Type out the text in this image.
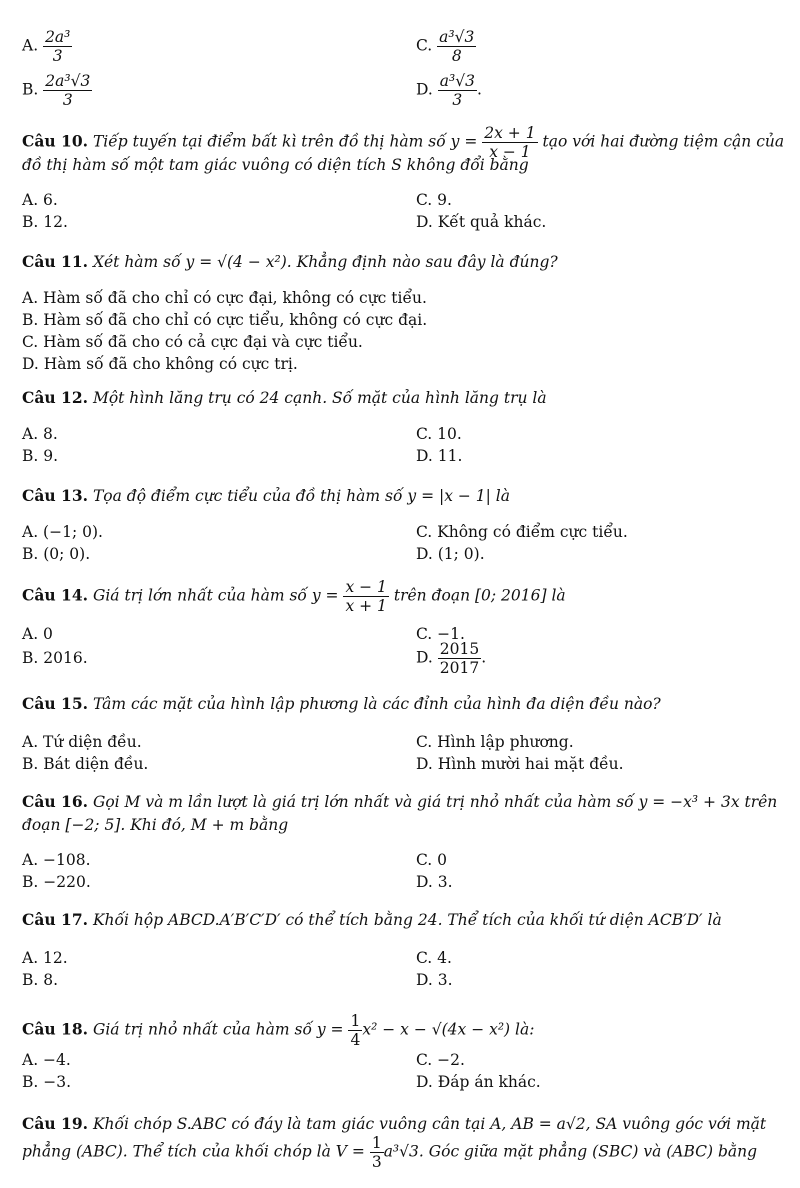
A. $\frac{\text{2a³}}{3}$	C. $\frac{\text{a³√3}}{8}$
B. $\frac{\text{2a³√3}}{3}$	D. $\frac{\text{a³√3}}{3}$ .
Câu 10. Tiếp tuyến tại điểm bất kì trên đồ thị hàm số $y = \frac{2x + 1}{x - 1}$ tạo với hai đường tiệm cận của
đồ thị hàm số một tam giác vuông có diện tích S không đổi bằng
A. 6.	C. 9.
B. 12.	D. Kết quả khác.
Câu 11. Xét hàm số y = √(4 − x²). Khẳng định nào sau đây là đúng?
A. Hàm số đã cho chỉ có cực đại, không có cực tiểu.
B. Hàm số đã cho chỉ có cực tiểu, không có cực đại.
C. Hàm số đã cho có cả cực đại và cực tiểu.
D. Hàm số đã cho không có cực trị.
Câu 12. Một hình lăng trụ có 24 cạnh. Số mặt của hình lăng trụ là
A. 8.	C. 10.
B. 9.	D. 11.
Câu 13. Tọa độ điểm cực tiểu của đồ thị hàm số y = |x − 1| là
A. (−1; 0).	C. Không có điểm cực tiểu.
B. (0; 0).	D. (1; 0).
Câu 14. Giá trị lớn nhất của hàm số $y = \frac{x - 1}{x + 1}$ trên đoạn [0; 2016] là
A. 0	C. −1.
B. 2016.	D. $\frac{2015}{2017}$ .
Câu 15. Tâm các mặt của hình lập phương là các đỉnh của hình đa diện đều nào?
A. Tứ diện đều.	C. Hình lập phương.
B. Bát diện đều.	D. Hình mười hai mặt đều.
Câu 16. Gọi M và m lần lượt là giá trị lớn nhất và giá trị nhỏ nhất của hàm số y = −x³ + 3x trên
đoạn [−2; 5]. Khi đó, M + m bằng
A. −108.	C. 0
B. −220.	D. 3.
Câu 17. Khối hộp ABCD.A′B′C′D′ có thể tích bằng 24. Thể tích của khối tứ diện ACB′D′ là
A. 12.	C. 4.
B. 8.	D. 3.
Câu 18. Giá trị nhỏ nhất của hàm số $y = \frac{1}{4} x^2 - x - √(4x - x^2)$ là:
A. −4.	C. −2.
B. −3.	D. Đáp án khác.
Câu 19. Khối chóp S.ABC có đáy là tam giác vuông cân tại A, AB = a√2, SA vuông góc với mặt
phẳng (ABC). Thể tích của khối chóp là $V = \frac{1}{3} a^3√3$. Góc giữa mặt phẳng (SBC) và (ABC) bằng
